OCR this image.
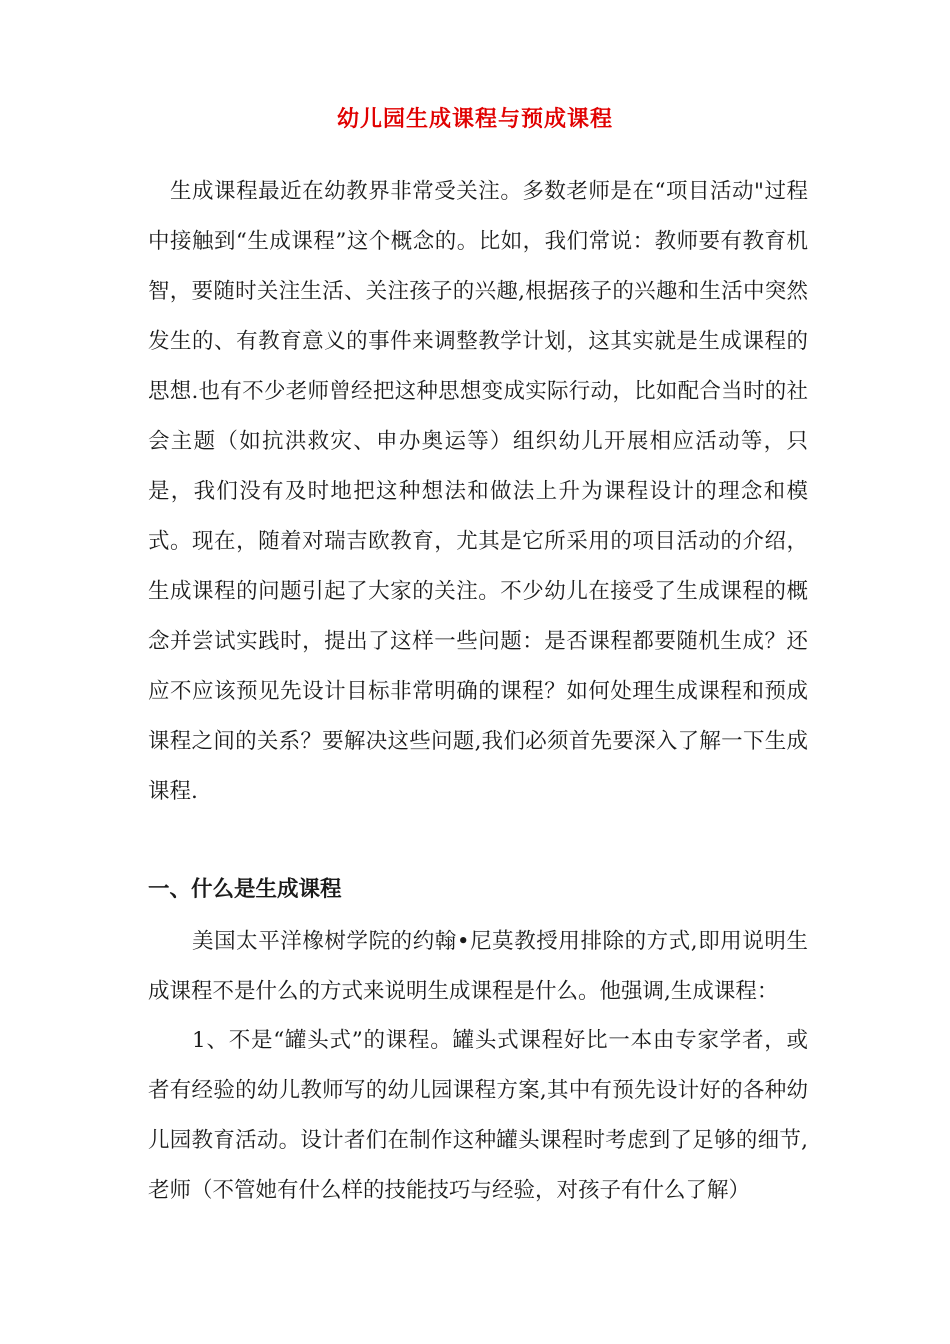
幼儿园生成课程与预成课程

生成课程最近在幼教界非常受关注。多数老师是在“项目活动"过程中接触到“生成课程”这个概念的。比如，我们常说：教师要有教育机智，要随时关注生活、关注孩子的兴趣,根据孩子的兴趣和生活中突然发生的、有教育意义的事件来调整教学计划，这其实就是生成课程的思想.也有不少老师曾经把这种思想变成实际行动，比如配合当时的社会主题（如抗洪救灾、申办奥运等）组织幼儿开展相应活动等，只是，我们没有及时地把这种想法和做法上升为课程设计的理念和模式。现在，随着对瑞吉欧教育，尤其是它所采用的项目活动的介绍，生成课程的问题引起了大家的关注。不少幼儿在接受了生成课程的概念并尝试实践时，提出了这样一些问题：是否课程都要随机生成？还应不应该预见先设计目标非常明确的课程？如何处理生成课程和预成课程之间的关系？要解决这些问题,我们必须首先要深入了解一下生成课程.

一、什么是生成课程

美国太平洋橡树学院的约翰•尼莫教授用排除的方式,即用说明生成课程不是什么的方式来说明生成课程是什么。他强调,生成课程：

1、不是“罐头式”的课程。罐头式课程好比一本由专家学者，或者有经验的幼儿教师写的幼儿园课程方案,其中有预先设计好的各种幼儿园教育活动。设计者们在制作这种罐头课程时考虑到了足够的细节,老师（不管她有什么样的技能技巧与经验，对孩子有什么了解）
